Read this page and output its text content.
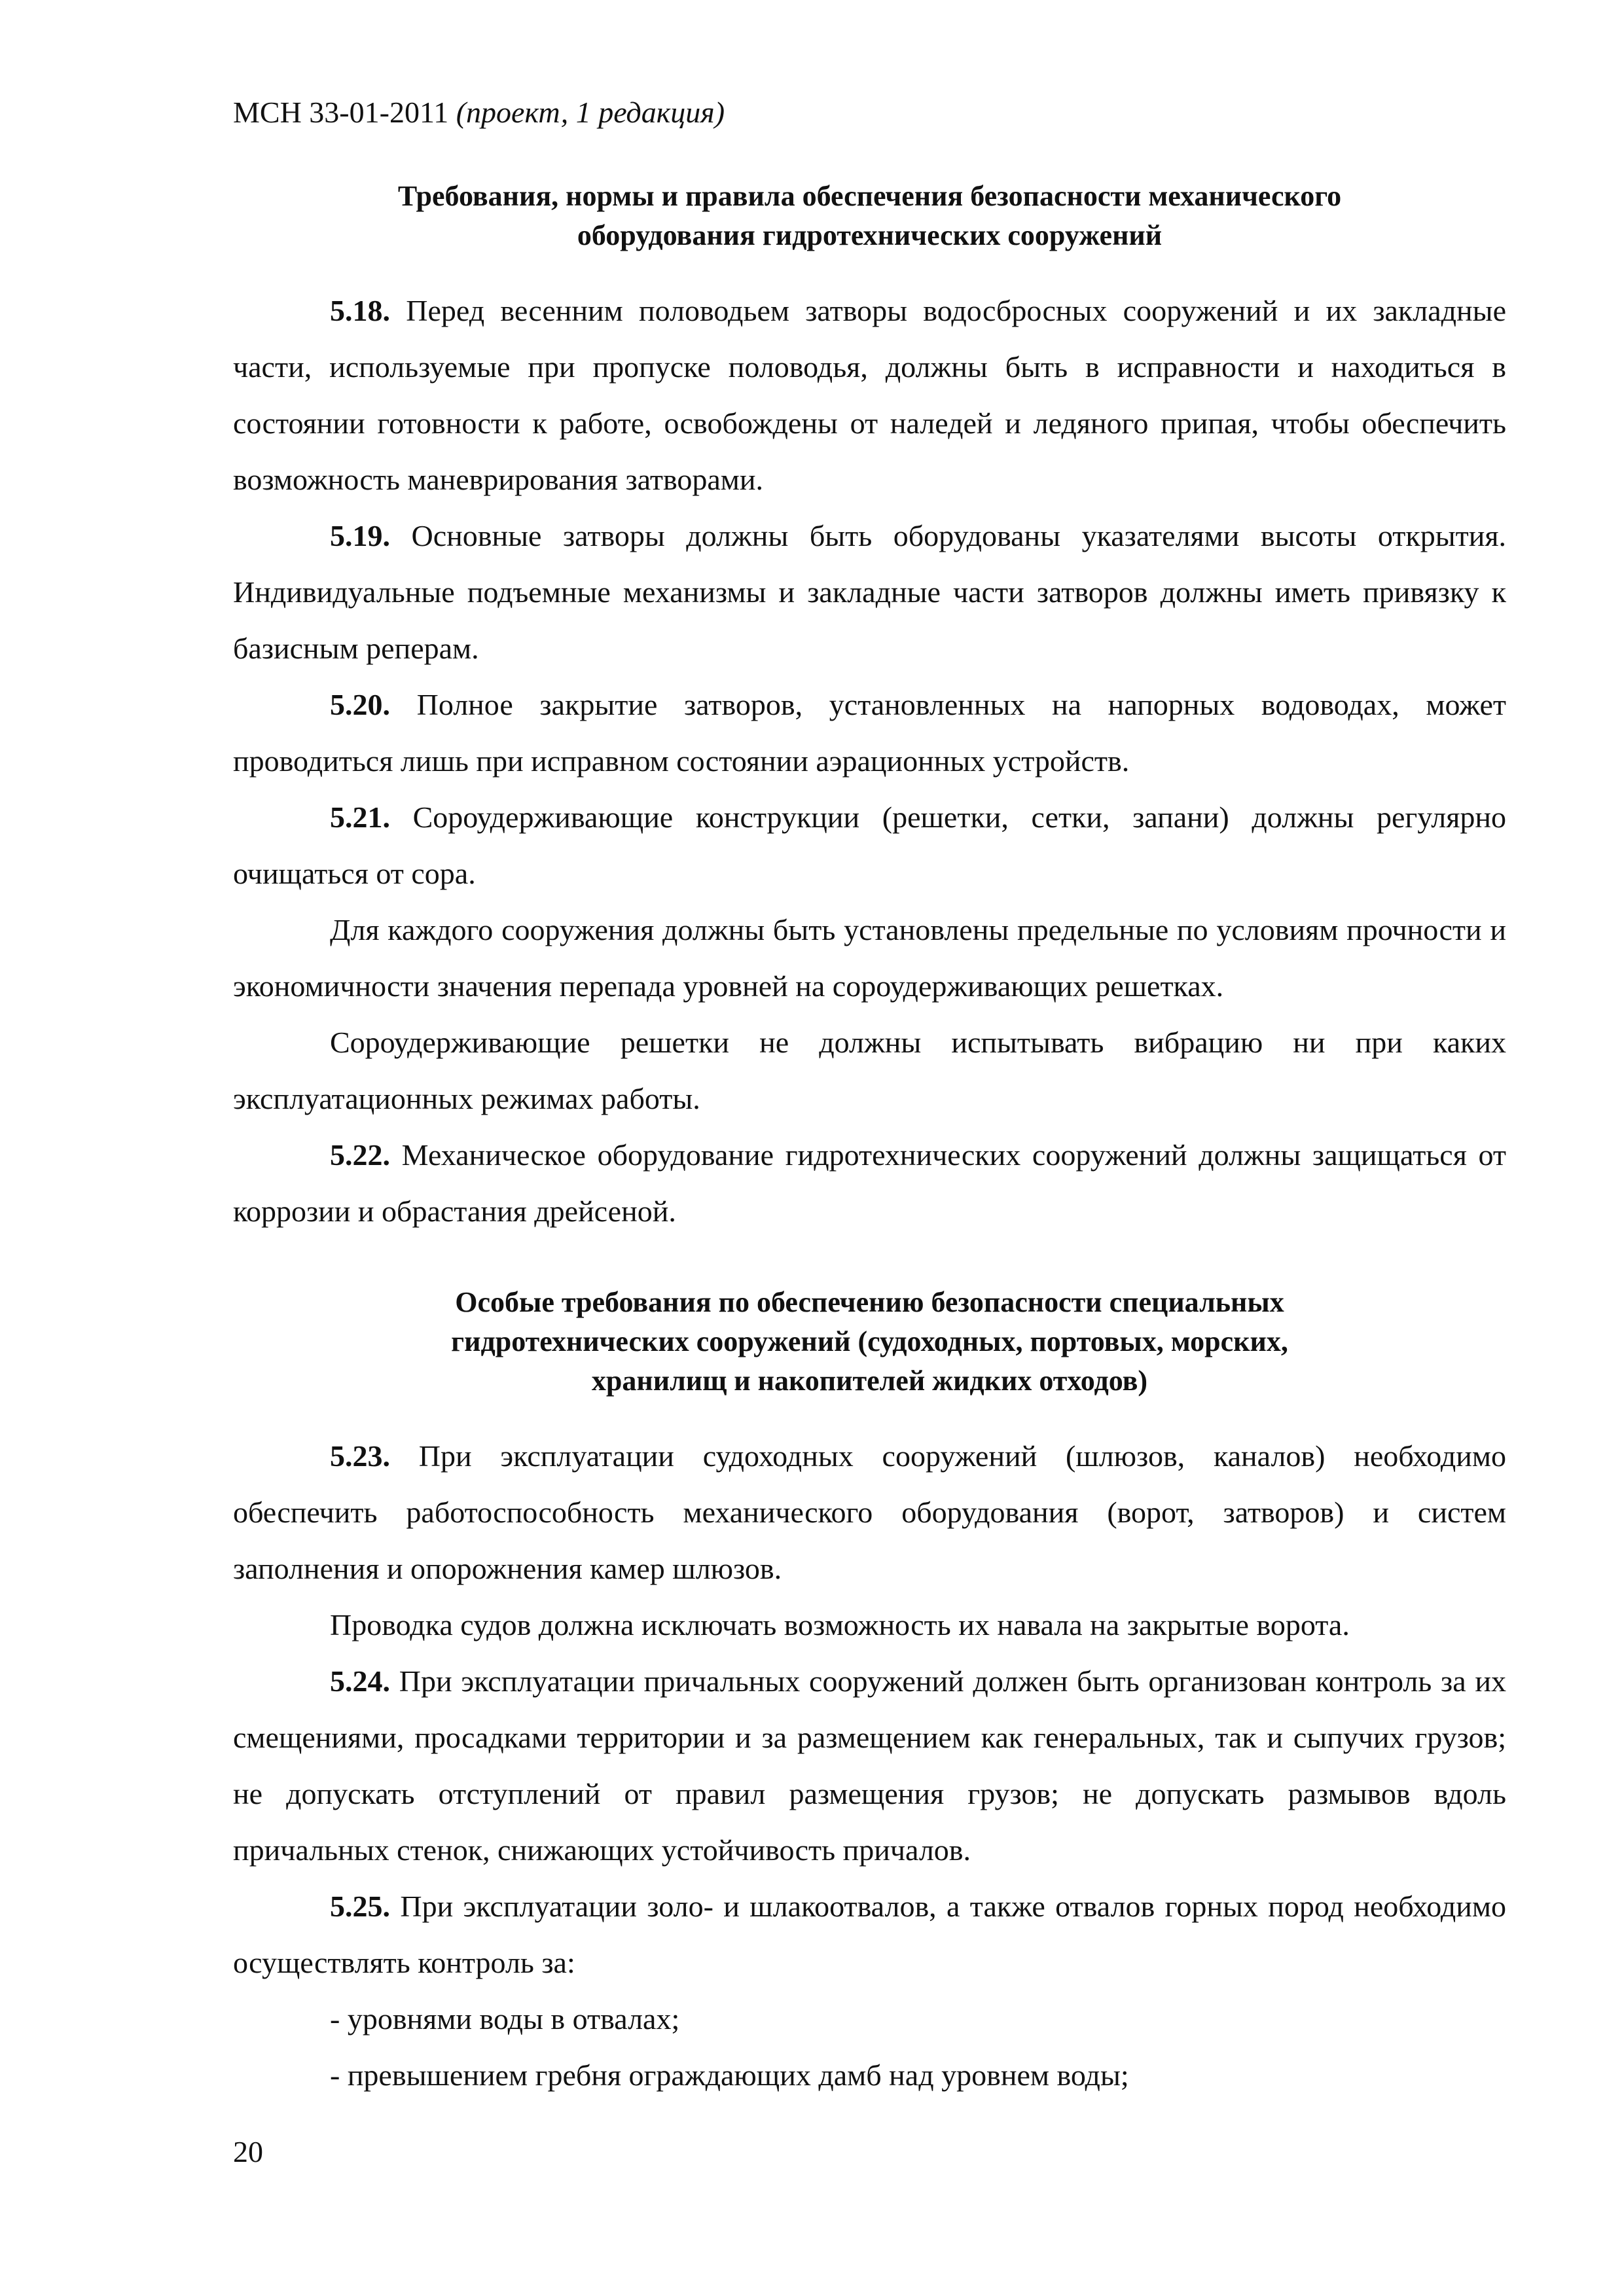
МСН 33-01-2011 (проект, 1 редакция)
Требования, нормы и правила обеспечения безопасности механического
оборудования гидротехнических сооружений

5.18. Перед весенним половодьем затворы водосбросных сооружений и их закладные части, используемые при пропуске половодья, должны быть в исправности и находиться в состоянии готовности к работе, освобождены от наледей и ледяного припая, чтобы обеспечить возможность маневрирования затворами.

5.19. Основные затворы должны быть оборудованы указателями высоты открытия. Индивидуальные подъемные механизмы и закладные части затворов должны иметь привязку к базисным реперам.

5.20. Полное закрытие затворов, установленных на напорных водоводах, может проводиться лишь при исправном состоянии аэрационных устройств.

5.21. Сороудерживающие конструкции (решетки, сетки, запани) должны регулярно очищаться от сора.

Для каждого сооружения должны быть установлены предельные по условиям прочности и экономичности значения перепада уровней на сороудерживающих решетках.

Сороудерживающие решетки не должны испытывать вибрацию ни при каких эксплуатационных режимах работы.

5.22. Механическое оборудование гидротехнических сооружений должны защищаться от коррозии и обрастания дрейсеной.

Особые требования по обеспечению безопасности специальных
гидротехнических сооружений (судоходных, портовых, морских,
хранилищ и накопителей жидких отходов)

5.23. При эксплуатации судоходных сооружений (шлюзов, каналов) необходимо обеспечить работоспособность механического оборудования (ворот, затворов) и систем заполнения и опорожнения камер шлюзов.

Проводка судов должна исключать возможность их навала на закрытые ворота.

5.24. При эксплуатации причальных сооружений должен быть организован контроль за их смещениями, просадками территории и за размещением как генеральных, так и сыпучих грузов; не допускать отступлений от правил размещения грузов; не допускать размывов вдоль причальных стенок, снижающих устойчивость причалов.

5.25. При эксплуатации золо- и шлакоотвалов, а также отвалов горных пород необходимо осуществлять контроль за:

- уровнями воды в отвалах;

- превышением гребня ограждающих дамб над уровнем воды;

20
